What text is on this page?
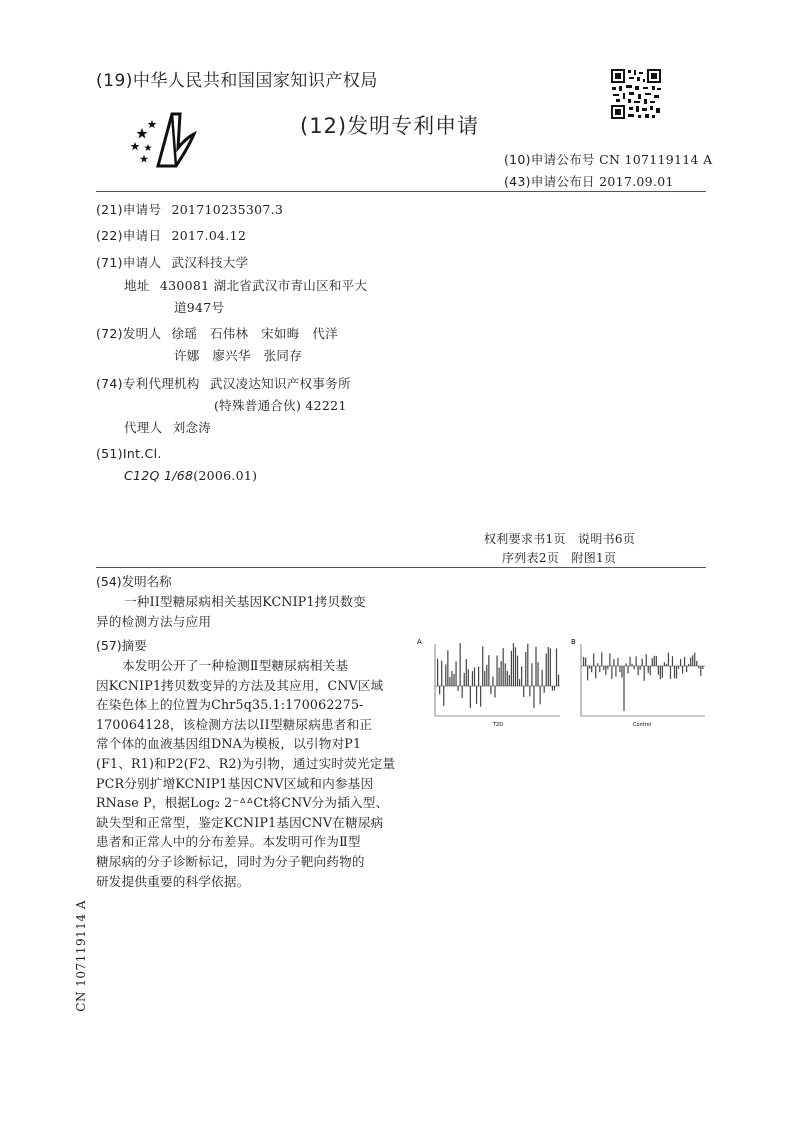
(19)中华人民共和国国家知识产权局
(12)发明专利申请
(10)申请公布号 CN 107119114 A
(43)申请公布日 2017.09.01
(21)申请号 201710235307.3
(22)申请日 2017.04.12
(71)申请人 武汉科技大学
地址 430081 湖北省武汉市青山区和平大
道947号
(72)发明人 徐瑶　石伟林　宋如晦　代洋
许娜　廖兴华　张同存
(74)专利代理机构 武汉凌达知识产权事务所
(特殊普通合伙) 42221
代理人 刘念涛
(51)Int.Cl.
C12Q 1/68(2006.01)
权利要求书1页　说明书6页
序列表2页　附图1页
(54)发明名称
一种II型糖尿病相关基因KCNIP1拷贝数变
异的检测方法与应用
(57)摘要
本发明公开了一种检测Ⅱ型糖尿病相关基
因KCNIP1拷贝数变异的方法及其应用，CNV区域
在染色体上的位置为Chr5q35.1:170062275-
170064128，该检测方法以II型糖尿病患者和正
常个体的血液基因组DNA为模板，以引物对P1
(F1、R1)和P2(F2、R2)为引物，通过实时荧光定量
PCR分别扩增KCNIP1基因CNV区域和内参基因
RNase P，根据Log₂ 2⁻ᐞᐞCt将CNV分为插入型、
缺失型和正常型，鉴定KCNIP1基因CNV在糖尿病
患者和正常人中的分布差异。本发明可作为Ⅱ型
糖尿病的分子诊断标记，同时为分子靶向药物的
研发提供重要的科学依据。
A	B
T2D	Control
CN 107119114 A
